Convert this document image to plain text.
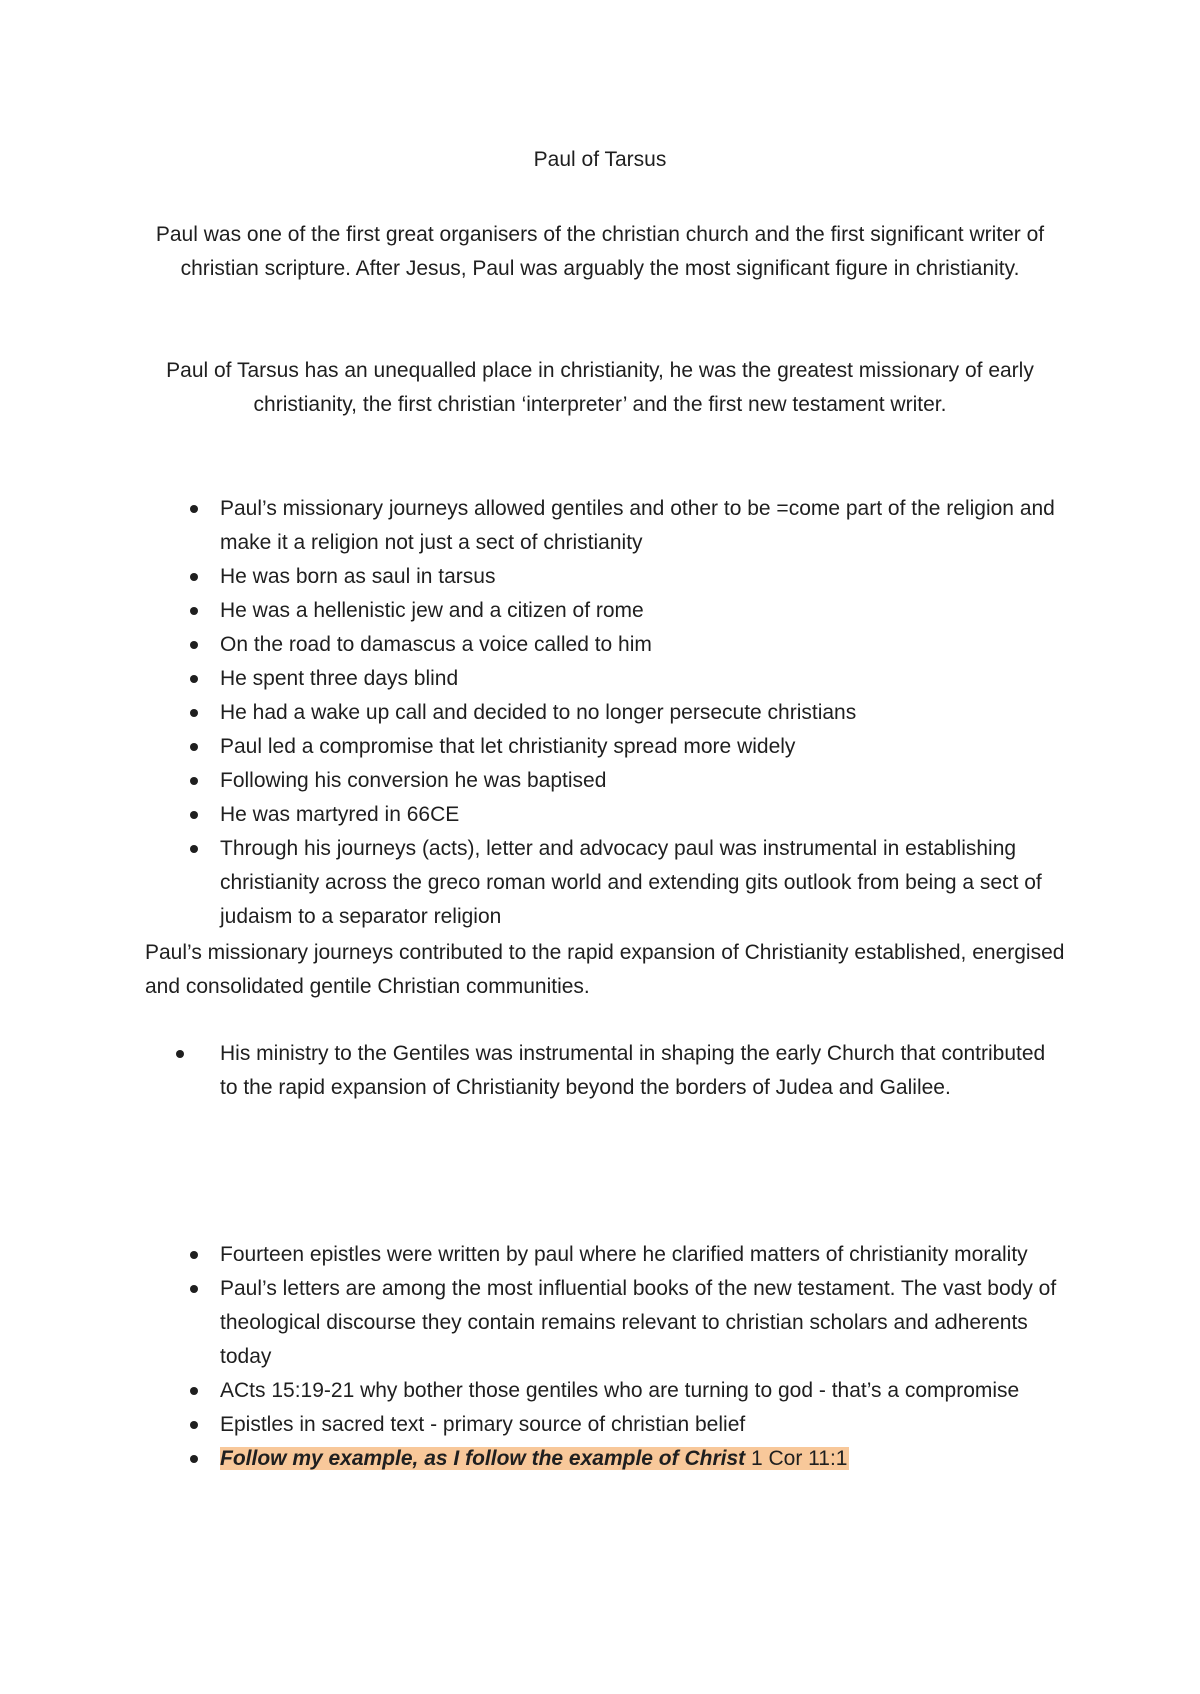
Paul of Tarsus

Paul was one of the first great organisers of the christian church and the first significant writer of christian scripture. After Jesus, Paul was arguably the most significant figure in christianity.

Paul of Tarsus has an unequalled place in christianity, he was the greatest missionary of early christianity, the first christian ‘interpreter’ and the first new testament writer.

Paul’s missionary journeys allowed gentiles and other to be =come part of the religion and make it a religion not just a sect of christianity
He was born as saul in tarsus
He was a hellenistic jew and a citizen of rome
On the road to damascus a voice called to him
He spent three days blind
He had a wake up call and decided to no longer persecute christians
Paul led a compromise that let christianity spread more widely
Following his conversion he was baptised
He was martyred in 66CE
Through his journeys (acts), letter and advocacy paul was instrumental in establishing christianity across the greco roman world and extending gits outlook from being a sect of judaism to a separator religion

Paul’s missionary journeys contributed to the rapid expansion of Christianity established, energised and consolidated gentile Christian communities.

His ministry to the Gentiles was instrumental in shaping the early Church that contributed to the rapid expansion of Christianity beyond the borders of Judea and Galilee.
Fourteen epistles were written by paul where he clarified matters of christianity morality
Paul’s letters are among the most influential books of the new testament. The vast body of theological discourse they contain remains relevant to christian scholars and adherents today
ACts 15:19-21 why bother those gentiles who are turning to god - that’s a compromise
Epistles in sacred text - primary source of christian belief
Follow my example, as I follow the example of Christ 1 Cor 11:1
